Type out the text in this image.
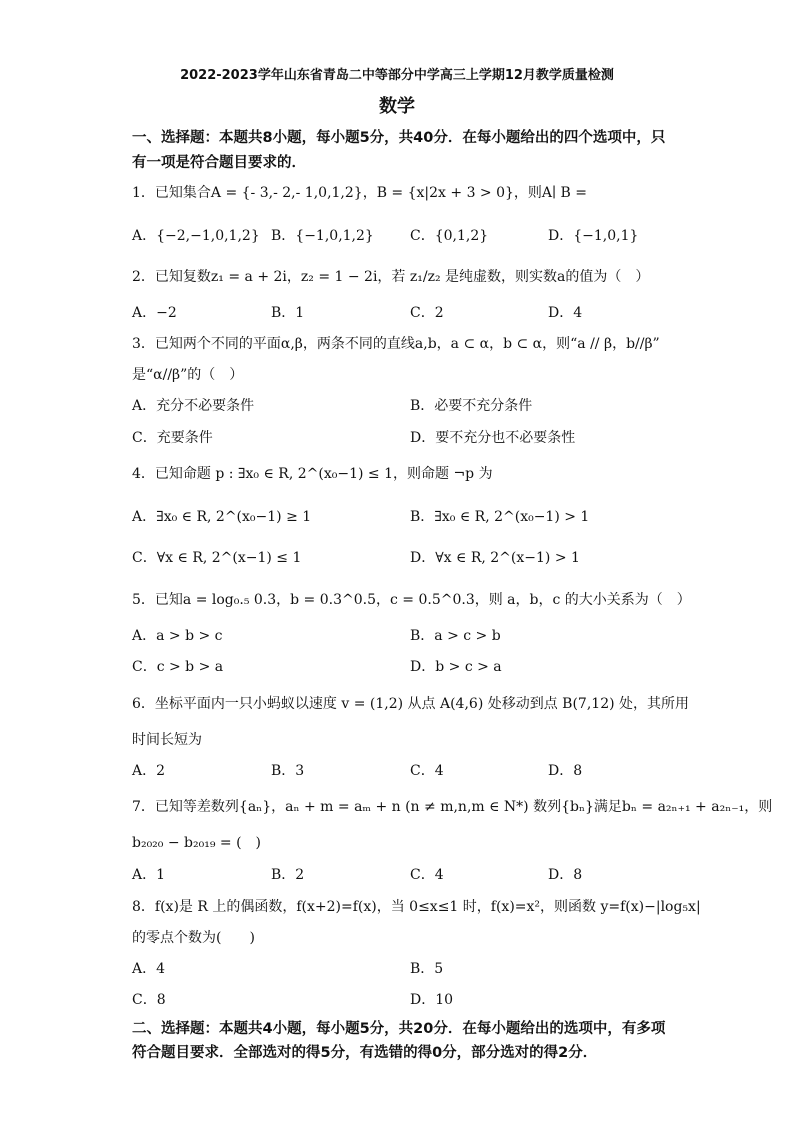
2022-2023学年山东省青岛二中等部分中学高三上学期12月教学质量检测
数学
一、选择题：本题共8小题，每小题5分，共40分．在每小题给出的四个选项中，只
有一项是符合题目要求的．
1．已知集合A = {- 3,- 2,- 1,0,1,2}，B = {x|2x + 3 > 0}，则A∣ B =
A．{−2,−1,0,1,2} B．{−1,0,1,2}	C．{0,1,2}	D．{−1,0,1}
2．已知复数z₁ = a + 2i，z₂ = 1 − 2i，若 z₁/z₂ 是纯虚数，则实数a的值为（　）
A．−2	B．1	C．2	D．4
3．已知两个不同的平面α,β，两条不同的直线a,b，a ⊂ α，b ⊂ α，则“a // β，b//β”
是“α//β”的（　）
A．充分不必要条件	B．必要不充分条件
C．充要条件	D．要不充分也不必要条性
4．已知命题 p : ∃x₀ ∈ R, 2^(x₀−1) ≤ 1，则命题 ¬p 为
A．∃x₀ ∈ R, 2^(x₀−1) ≥ 1	B．∃x₀ ∈ R, 2^(x₀−1) > 1
C．∀x ∈ R, 2^(x−1) ≤ 1	D．∀x ∈ R, 2^(x−1) > 1
5．已知a = log₀.₅ 0.3，b = 0.3^0.5，c = 0.5^0.3，则 a，b，c 的大小关系为（　）
A．a > b > c	B．a > c > b
C．c > b > a	D．b > c > a
6．坐标平面内一只小蚂蚁以速度 v = (1,2) 从点 A(4,6) 处移动到点 B(7,12) 处，其所用
时间长短为
A．2	B．3	C．4	D．8
7．已知等差数列{aₙ}，aₙ + m = aₘ + n (n ≠ m,n,m ∈ N*) 数列{bₙ}满足bₙ = a₂ₙ₊₁ + a₂ₙ₋₁，则
b₂₀₂₀ − b₂₀₁₉ = (　)
A．1	B．2	C．4	D．8
8．f(x)是 R 上的偶函数，f(x+2)=f(x)，当 0≤x≤1 时，f(x)=x²，则函数 y=f(x)−|log₅x|
的零点个数为(　　)
A．4	B．5
C．8	D．10
二、选择题：本题共4小题，每小题5分，共20分．在每小题给出的选项中，有多项
符合题目要求．全部选对的得5分，有选错的得0分，部分选对的得2分．
